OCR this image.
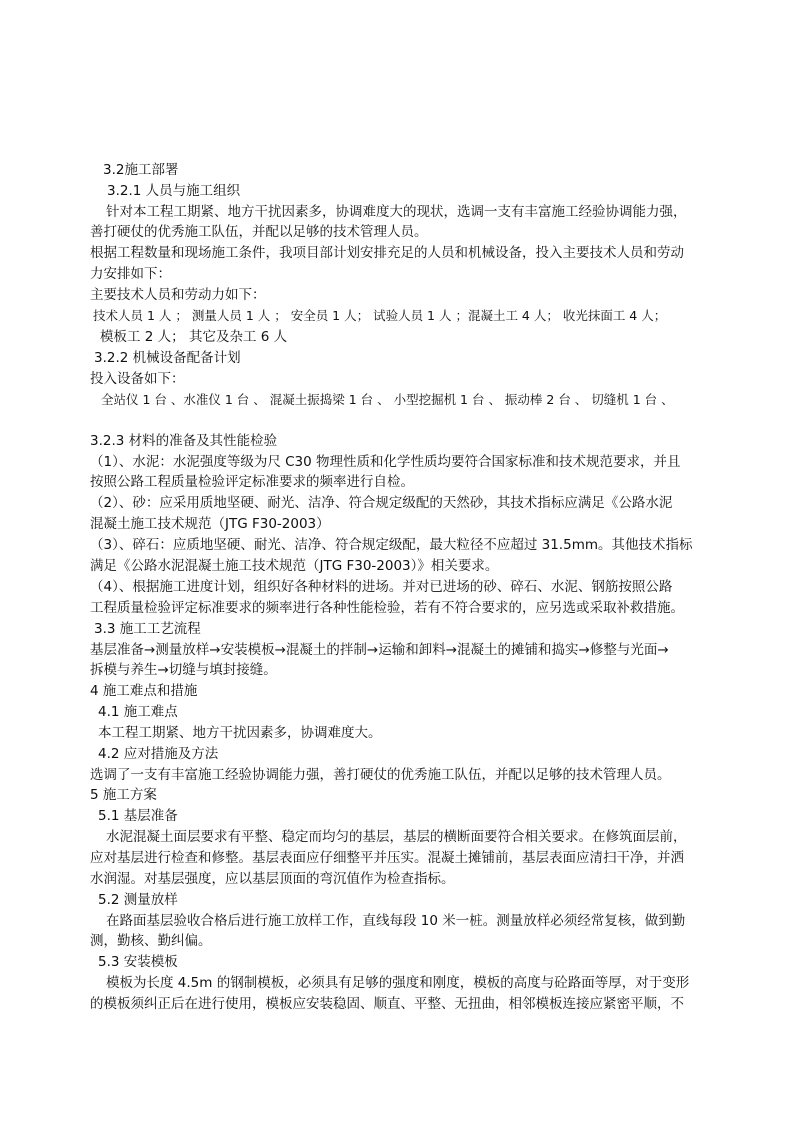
3.2施工部署
3.2.1 人员与施工组织
针对本工程工期紧、地方干扰因素多，协调难度大的现状，选调一支有丰富施工经验协调能力强，
善打硬仗的优秀施工队伍，并配以足够的技术管理人员。
根据工程数量和现场施工条件，我项目部计划安排充足的人员和机械设备，投入主要技术人员和劳动
力安排如下：
主要技术人员和劳动力如下：
技术人员 1 人 ； 测量人员 1 人 ； 安全员 1 人； 试验人员 1 人 ；混凝土工 4 人； 收光抹面工 4 人；
模板工 2 人； 其它及杂工 6 人
3.2.2 机械设备配备计划
投入设备如下：
全站仪 1 台 、水准仪 1 台 、 混凝土振捣梁 1 台 、 小型挖掘机 1 台 、 振动棒 2 台 、 切缝机 1 台 、
3.2.3 材料的准备及其性能检验
（1）、水泥：水泥强度等级为尺 C30 物理性质和化学性质均要符合国家标准和技术规范要求，并且
按照公路工程质量检验评定标准要求的频率进行自检。
（2）、砂：应采用质地坚硬、耐光、洁净、符合规定级配的天然砂，其技术指标应满足《公路水泥
混凝土施工技术规范（JTG F30-2003）
（3）、碎石：应质地坚硬、耐光、洁净、符合规定级配，最大粒径不应超过 31.5mm。其他技术指标
满足《公路水泥混凝土施工技术规范（JTG F30-2003）》相关要求。
（4）、根据施工进度计划，组织好各种材料的进场。并对已进场的砂、碎石、水泥、钢筋按照公路
工程质量检验评定标准要求的频率进行各种性能检验，若有不符合要求的，应另选或采取补救措施。
3.3 施工工艺流程
基层准备→测量放样→安装模板→混凝土的拌制→运输和卸料→混凝土的摊铺和捣实→修整与光面→
拆模与养生→切缝与填封接缝。
4 施工难点和措施
4.1 施工难点
本工程工期紧、地方干扰因素多，协调难度大。
4.2 应对措施及方法
选调了一支有丰富施工经验协调能力强，善打硬仗的优秀施工队伍，并配以足够的技术管理人员。
5 施工方案
5.1 基层准备
水泥混凝土面层要求有平整、稳定而均匀的基层，基层的横断面要符合相关要求。在修筑面层前，
应对基层进行检查和修整。基层表面应仔细整平并压实。混凝土摊铺前，基层表面应清扫干净，并洒
水润湿。对基层强度，应以基层顶面的弯沉值作为检查指标。
5.2 测量放样
在路面基层验收合格后进行施工放样工作，直线每段 10 米一桩。测量放样必须经常复核，做到勤
测，勤核、勤纠偏。
5.3 安装模板
模板为长度 4.5m 的钢制模板，必须具有足够的强度和刚度，模板的高度与砼路面等厚，对于变形
的模板须纠正后在进行使用，模板应安装稳固、顺直、平整、无扭曲，相邻模板连接应紧密平顺，不
